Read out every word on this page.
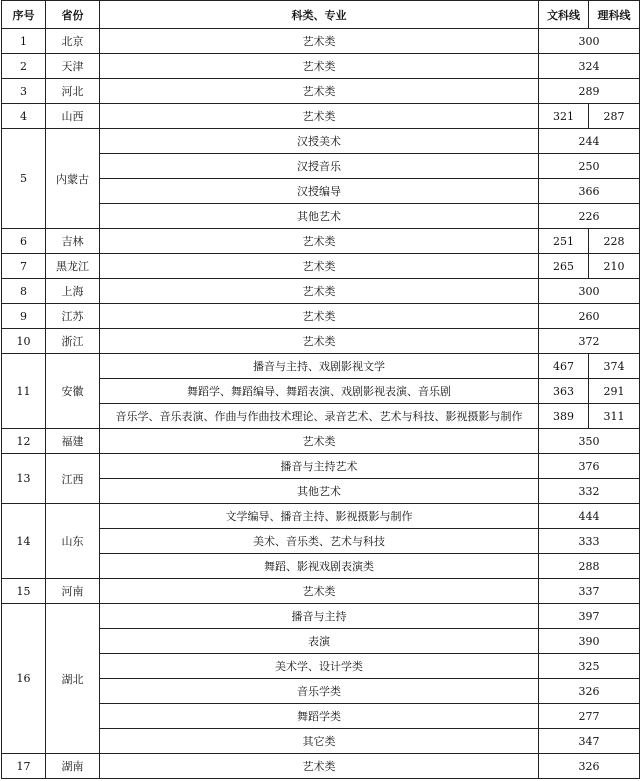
序号	省份	科类、专业	文科线	理科线
1	北京	艺术类	300	
2	天津	艺术类	324	
3	河北	艺术类	289	
4	山西	艺术类	321	287
5	内蒙古	汉授美术	244	
		汉授音乐	250	
		汉授编导	366	
		其他艺术	226	
6	吉林	艺术类	251	228
7	黑龙江	艺术类	265	210
8	上海	艺术类	300	
9	江苏	艺术类	260	
10	浙江	艺术类	372	
11	安徽	播音与主持、戏剧影视文学	467	374
		舞蹈学、舞蹈编导、舞蹈表演、戏剧影视表演、音乐剧	363	291
		音乐学、音乐表演、作曲与作曲技术理论、录音艺术、艺术与科技、影视摄影与制作	389	311
12	福建	艺术类	350	
13	江西	播音与主持艺术	376	
		其他艺术	332	
14	山东	文学编导、播音主持、影视摄影与制作	444	
		美术、音乐类、艺术与科技	333	
		舞蹈、影视戏剧表演类	288	
15	河南	艺术类	337	
16	湖北	播音与主持	397	
		表演	390	
		美术学、设计学类	325	
		音乐学类	326	
		舞蹈学类	277	
		其它类	347	
17	湖南	艺术类	326	
